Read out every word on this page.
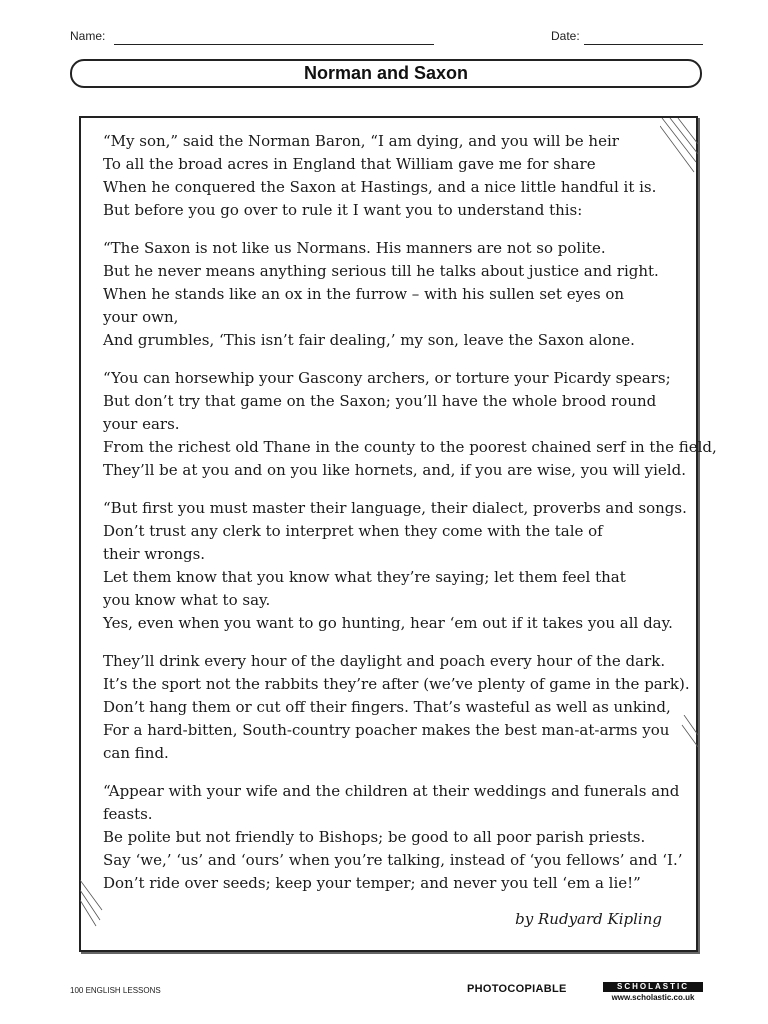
Name:	Date:
Norman and Saxon
“My son,” said the Norman Baron, “I am dying, and you will be heir
To all the broad acres in England that William gave me for share
When he conquered the Saxon at Hastings, and a nice little handful it is.
But before you go over to rule it I want you to understand this:
“The Saxon is not like us Normans. His manners are not so polite.
But he never means anything serious till he talks about justice and right.
When he stands like an ox in the furrow – with his sullen set eyes on
your own,
And grumbles, ‘This isn’t fair dealing,’ my son, leave the Saxon alone.
“You can horsewhip your Gascony archers, or torture your Picardy spears;
But don’t try that game on the Saxon; you’ll have the whole brood round
your ears.
From the richest old Thane in the county to the poorest chained serf in the field,
They’ll be at you and on you like hornets, and, if you are wise, you will yield.
“But first you must master their language, their dialect, proverbs and songs.
Don’t trust any clerk to interpret when they come with the tale of
their wrongs.
Let them know that you know what they’re saying; let them feel that
you know what to say.
Yes, even when you want to go hunting, hear ‘em out if it takes you all day.
They’ll drink every hour of the daylight and poach every hour of the dark.
It’s the sport not the rabbits they’re after (we’ve plenty of game in the park).
Don’t hang them or cut off their fingers. That’s wasteful as well as unkind,
For a hard-bitten, South-country poacher makes the best man-at-arms you
can find.
“Appear with your wife and the children at their weddings and funerals and
feasts.
Be polite but not friendly to Bishops; be good to all poor parish priests.
Say ‘we,’ ‘us’ and ‘ours’ when you’re talking, instead of ‘you fellows’ and ‘I.’
Don’t ride over seeds; keep your temper; and never you tell ‘em a lie!”
by Rudyard Kipling
100 ENGLISH LESSONS	PHOTOCOPIABLE	SCHOLASTIC
www.scholastic.co.uk
